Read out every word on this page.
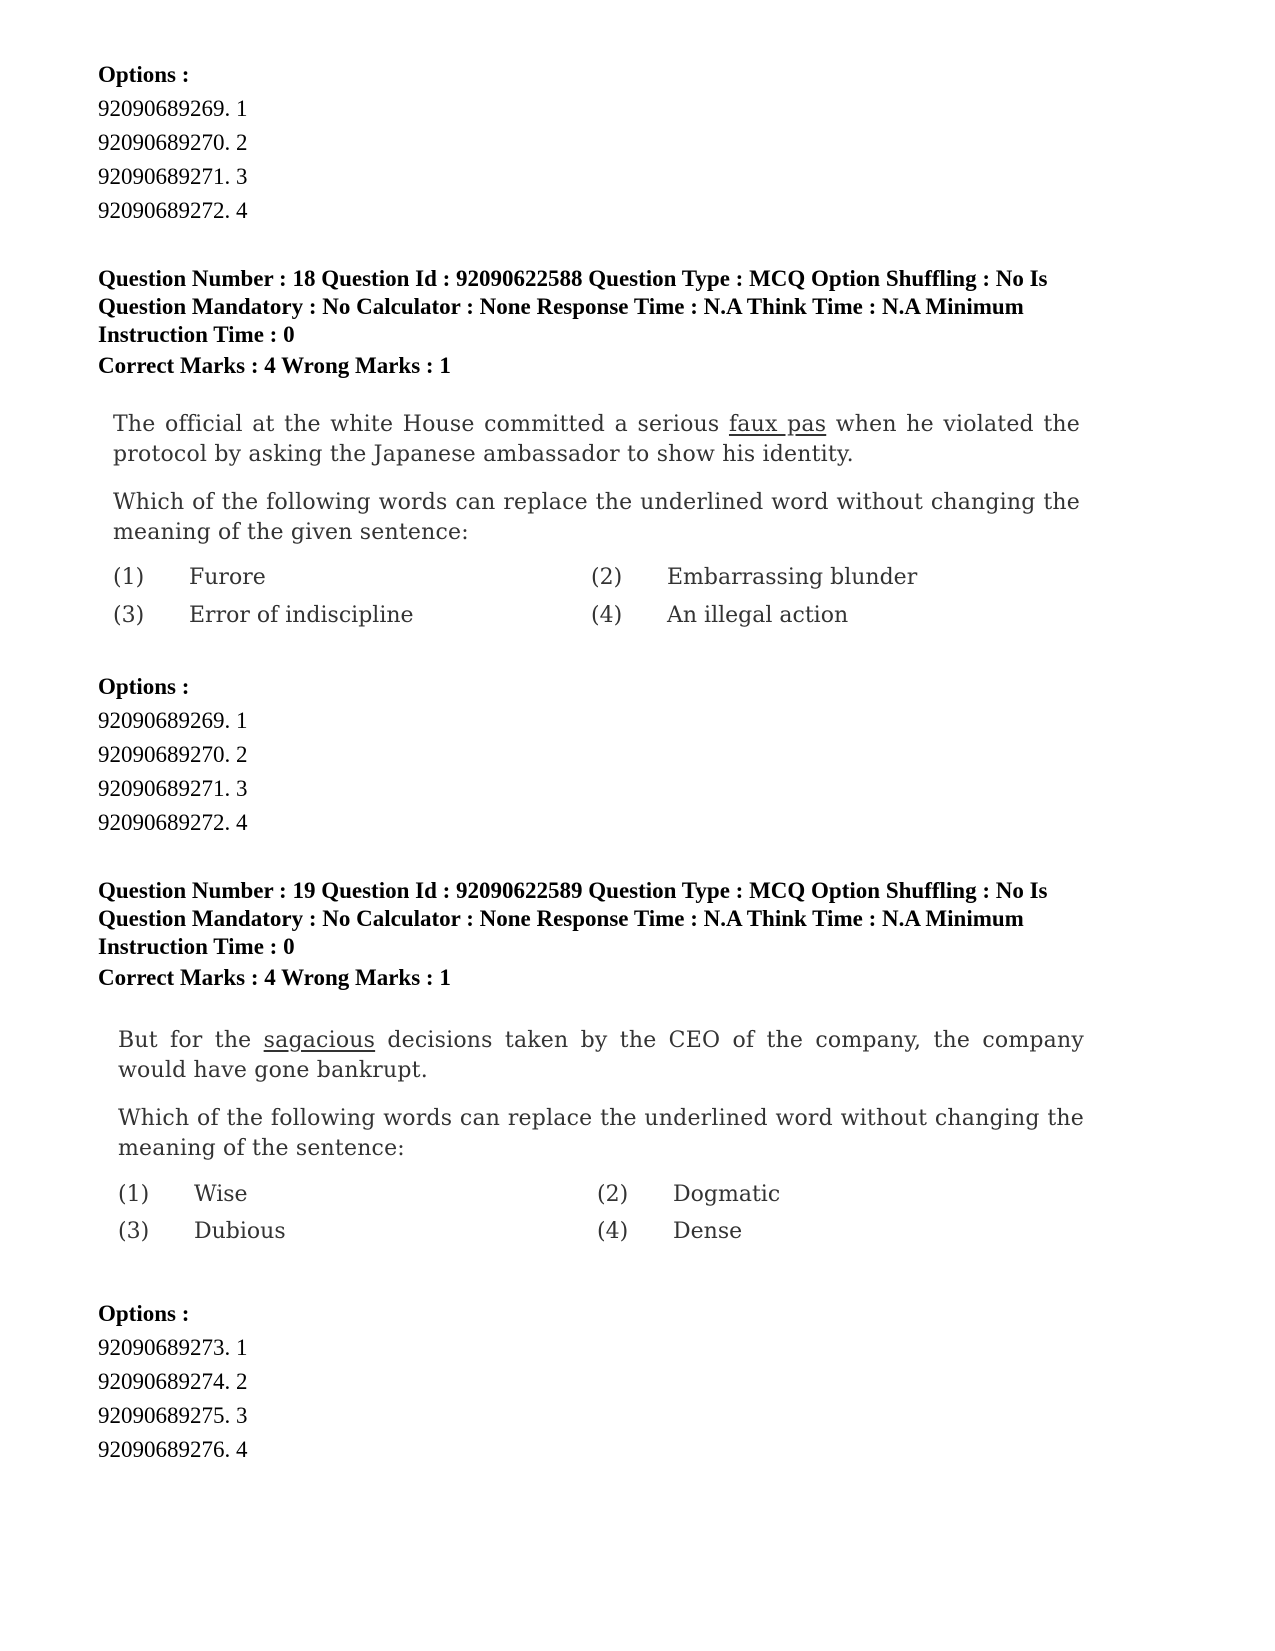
Options :
92090689269. 1
92090689270. 2
92090689271. 3
92090689272. 4
Question Number : 18 Question Id : 92090622588 Question Type : MCQ Option Shuffling : No Is
Question Mandatory : No Calculator : None Response Time : N.A Think Time : N.A Minimum
Instruction Time : 0
Correct Marks : 4 Wrong Marks : 1

The official at the white House committed a serious faux pas when he violated the protocol by asking the Japanese ambassador to show his identity.

Which of the following words can replace the underlined word without changing the meaning of the given sentence:

(1) Furore	(2) Embarrassing blunder
(3) Error of indiscipline	(4) An illegal action
Options :
92090689269. 1
92090689270. 2
92090689271. 3
92090689272. 4
Question Number : 19 Question Id : 92090622589 Question Type : MCQ Option Shuffling : No Is
Question Mandatory : No Calculator : None Response Time : N.A Think Time : N.A Minimum
Instruction Time : 0
Correct Marks : 4 Wrong Marks : 1

But for the sagacious decisions taken by the CEO of the company, the company would have gone bankrupt.

Which of the following words can replace the underlined word without changing the meaning of the sentence:

(1) Wise	(2) Dogmatic
(3) Dubious	(4) Dense
Options :
92090689273. 1
92090689274. 2
92090689275. 3
92090689276. 4
